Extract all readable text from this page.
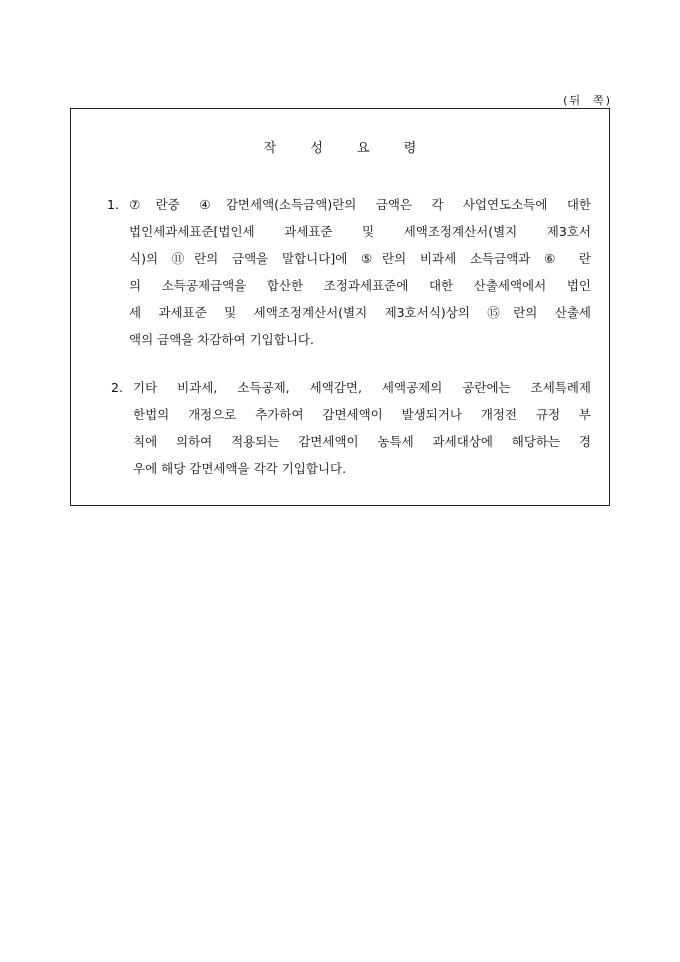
(뒤  쪽)
작 성 요 령
1. ⑦란중 ④감면세액(소득금액)란의 금액은 각 사업연도소득에 대한
법인세과세표준[법인세 과세표준 및 세액조정계산서(별지 제3호서
식)의 ⑪란의 금액을 말합니다]에 ⑤란의 비과세 소득금액과 ⑥ 란
의 소득공제금액을 합산한 조정과세표준에 대한 산출세액에서 법인
세 과세표준 및 세액조정계산서(별지 제3호서식)상의 ⑮란의 산출세
액의 금액을 차감하여 기입합니다.
2. 기타 비과세, 소득공제, 세액감면, 세액공제의 공란에는 조세특례제
한법의 개정으로 추가하여 감면세액이 발생되거나 개정전 규정 부
칙에 의하여 적용되는 감면세액이 농특세 과세대상에 해당하는 경
우에 해당 감면세액을 각각 기입합니다.
